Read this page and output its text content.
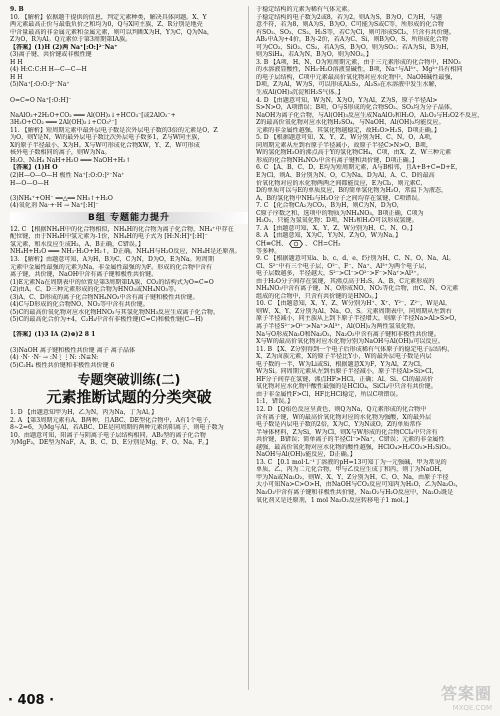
9. B
10. 【解析】依据题干提供的信息，判定元素种类，解决具体问题。X、Y
两元素最高正价与最低负价之和均为0，Q与X同主族，Z、R分别是地壳
中含量最高的非金属元素和金属元素，则可以判断X为H，Y为C，Q为Na，
Z为O，R为Al。Q元素位于第3周期第ⅠA族。
【答案】(1)H (2)两 Na⁺[:Ö:]²⁻Na⁺
(3)离子键、共价键或非极性键
H H
(4) H:C:C:H H—C—C—H
H H
(5)Na⁺[:Ö:Ö:]²⁻Na⁺
O=C=O Na⁺[:Ö:H]⁻
NaAlO₂+2H₂O+CO₂ ═══ Al(OH)₃↓+HCO₃⁻[或2AlO₂⁻+
3H₂O+CO₂ ═══ 2Al(OH)₃↓+CO₃²⁻]
11. 【解析】短周期元素中最外层电子数是次外层电子数的3倍的元素是O，Z
为O，则Y是N，W的最外层电子数比次外层电子数多1，Z与W同主族，
X的原子半径最小，X为H。X与W可形成化合物XW，Y、Z、W可形成
核外电子数相同的离子，则W为Na。
H₂O、N₂H₄ NaH+H₂O ═══ NaOH+H₂↑
【答案】(1)H O
(2)H—O—O—H 极性 Na⁺[:Ö:Ö:]²⁻Na⁺
H—O—O—H
(3)NH₄⁺+OH⁻ ══△══ NH₃↑+H₂O
(4)氧化剂 Na·+·H → Na⁺[:H]⁻
B组 专题能力提升
12. C 【根据NH₄H中的化合物相似，NH₄H的化合物为离子化合物，NH₄⁺中存在
配位键，由于NH₄H中氢元素为-1价，NH₄H的电子式为 [H:N̈:H]⁺[:H]⁻
氢元素，和水反应生成H₂，A、B正确，C错误。】
NH₄H+H₂O ═══ NH₃·H₂O+H₂↑，D正确。NH₄H与H₂O反应，NH₄H是还原剂。
13. 【解析】由题意可知，A为H，B为C，C为N，D为O，E为Na。短周期
元素中金属性最强的元素为Na，非金属性最强的为F。形成的化合物中含有
离子键、共价键，NaOH中含有离子键和极性共价键。
(1)E元素Na在周期表中的位置是第3周期第ⅠA族，CO₂的结构式为O=C=O
(2)由A、C、D三种元素形成的化合物为HNO₃或NH₄NO₃等。
(3)A、C、D形成的离子化合物NH₄NO₃中含有离子键和极性共价键。
(4)C与D形成的化合物NO、NO₂等中含有共价键。
(5)C的最高价氧化物对应水化物HNO₃与其氢化物NH₃反应生成离子化合物。
(5)C的最高化合价为+4，C₂H₄中含有非极性键(C=C)和极性键(C—H)
【答案】(1)3 ⅠA (2)⊕)2 8 1
(3)NaOH 离子键和极性共价键 离子 离子晶体
(4) ·N̈· ·N̈· → :N⋮⋮N: :N≡N:
(5)C₂H₄ 极性共价键和非极性共价键 6
专题突破训练(二)
元素推断试题的分类突破
1. D 【由题意知甲为H，乙为N，丙为Na，丁为Al。】
2. A 【第3周期元素有A、B两种，且ABC、DE型化合物中，A有1个电子，
8~2=6，为Mg与Al，若ABC、DE是同周期的两种元素的阳离子，则电子数为
10。由题意可知，阳离子与阴离子电子层结构相同，AB₂型的离子化合物
为MgF₂，DE型为NaF，A、B、C、D、E分别是Mg、F、O、Na、F。】
于稳定结构的元素为稀有气体元素。
子稳定结构的电子数为2或8，若为2，则A为S，B为O，C为H，与题
意不符，若为8，则A为S，B为O，C可能为S或C等，所形成的化合物
有SO₂、SO₃、CS₂、H₂S等，若C为Cl，则可形成SCl₂，只含有共价键。
AB₂中A为+4价，B为-2价，若A为C、Si，则B为O、S，所形成化合物
可为CO₂、SiO₂、CS₂，若A为S，B为O，则为SO₂；若A为Si，B为H，
则为SiH₄，若A为N，B为O，则为NO₂。】
3. B 【A项，H、N、O为短周期元素，由于三元素形成的化合物中，HNO₃
的水溶液显酸性，NH₃·H₂O溶液显碱性，B项，Na⁺与Al³⁺、Mg²⁺具有相同
的电子层结构，C项中元素最高价氧化物对应水化物中，NaOH碱性最强，
D项，Z为Al，W为S，可以形成Al₂S₃，Al₂S₃在水溶液中发生水解，
生成Al(OH)₃沉淀和H₂S气体。】
4. D 【由题意可知，W为N，X为O，Y为Al，Z为S，原子半径Al>
S>N>O，A项错误；B项，O与S形成的化合物SO₂、SO₃均为分子晶体，
NaOH为离子化合物，与Al(OH)₃反应生成NaAlO₂和H₂O，Al₂O₃与H₂O2不反应，
Z的最高价氧化物对应水化物H₂SO₄，与NaOH、Al(OH)₃均能反应。
元素的非金属性越强，其氢化物越稳定，故H₂O>H₂S，D项正确。】
5. D 【根据题意可知，X、Y、Z、W分别为H、C、N、O，A项，
同周期元素从左到右原子半径减小，故原子半径C>N>O，B项，
W的氢化物H₂O的沸点高于Y的氢化物CH₄，C项，由X、Z、W三种元素
形成的化合物NH₄NO₃中含有离子键和共价键，D项正确。】
6. C 【A、B、C、D、E均为短周期元素，A与B相邻，且A+B+C=D+E，
E为Cl，则A、B分别为N、O，C为Na，D为Al，A、C、D的最高
价氧化物对应的水化物两两之间都能反应，E为Cl₂，则元素C、
D的单质可以与E的单质反应，B的简单氢化物为H₂O，常温下为液态，
A、B的氢化物中NH₃与H₂O分子之间均存在氢键，C项错误。
7. C 【化合物CA₂为CO₂，B为H，则C为N，D为O，
C原子序数之和，选项中的物质为NH₄NO₃，B项正确，C项为
H₂O₂，只能为氢氧化物；D项，NH₃和H₂O可以形成氢键。
7. A 【由题意可知，X、Y、Z、W分别为H、C、N、O。】
8. A 【由题意知，X为C，Y为N，Z为O，W为Na。】
CH≡CH、  、 CH=CH₂
等多种。
9. C 【根据题意可知a、b、c、d、e、f分别为H、C、N、O、Na、Al。
Cl、S²⁻中有三个电子层，O²⁻、F⁻、Na⁺、Al³⁺为两个电子层，
电子层数越多，半径越大，S²⁻>Cl⁻>O²⁻>F⁻>Na⁺>Al³⁺。
由于H₂O分子间存在氢键，其沸点高于H₂S。A、B、C元素形成的
NH₄NO₃中含有离子键，N、O形成NO、NO₂等化合物，由C、N、O元素
组成的化合物中，只含有共价键的是HNO₃。】
10. C 【由题意知，X、Y、Z、W分别为H⁺、X⁺、Y²⁻、Z²⁻，W是Al，
则W、X、Y、Z分别为Al、Na、O、S。元素周期表中，同周期从左到右
原子半径减小，同主族从上到下原子半径增大，则原子半径Na>Al>S>O，
离子半径S²⁻>O²⁻>Na⁺>Al³⁺，Al(OH)₃为两性氢氧化物。
Na与O形成Na₂O和Na₂O₂，Na₂O₂中含有离子键和非极性共价键。
X与W的最高价氧化物对应水化物分别为NaOH与Al(OH)₃可以反应。
11. B 【X、Z分别得到一个电子后形成稀有气体原子的稳定电子层结构，
X、Z为卤族元素，X的原子半径比Y小，W的最外层电子数是内层
电子数的一半，W为Li或Si，根据题意X为F，Y为Al，Z为Cl，
W为Si。同周期元素从左到右原子半径减小，原子半径Al>Si>Cl，
HF分子间存在氢键，沸点HF>HCl，正确；Al、Si、Cl的最高价
氧化物对应水化物中酸性最强的是HClO₄，SiCl₄中只含有共价键。
由于非金属性F>Cl，HF比HCl稳定，所以C项错误。
1:1，错误。】
12. D 【Q焰色反应呈黄色，则Q为Na，Q元素形成的化合物中
含有离子键，W的最高价氧化物对应的水化物为强酸，X的最外层
电子数是内层电子数的2倍，X为C，Y为N或O，Z的单质常作
半导体材料，Z为Si，W为Cl，则X与W形成的化合物CCl₄中只含有
共价键，B错误；简单离子的半径Cl⁻>Na⁺，C错误；元素的非金属性
越强，最高价氧化物对应水化物的酸性越强，HClO₄>H₂CO₃>H₂SiO₃。
NaOH与Al(OH)₃能反应，D正确。】
13. C 【0.1 mol·L⁻¹丁溶液的pH=13可知丁为一元强碱，甲为常见的
单质，乙、丙为二元化合物，甲与乙反应生成丁和丙，则丁为NaOH，
甲为Na或Na₂O₂，则W、X、Y、Z分别为H、C、O、Na，由原子半径
大小可知Na>C>O>H，由NaOH与CO₂反应可知丙为H₂O，乙为Na₂O₂，
Na₂O₂中含有离子键和非极性共价键，Na₂O₂与H₂O反应中，Na₂O₂既是
氧化剂又是还原剂，1 mol Na₂O₂反应转移电子1 mol。】
· 408 ·	答案圈
MXQE.COM
